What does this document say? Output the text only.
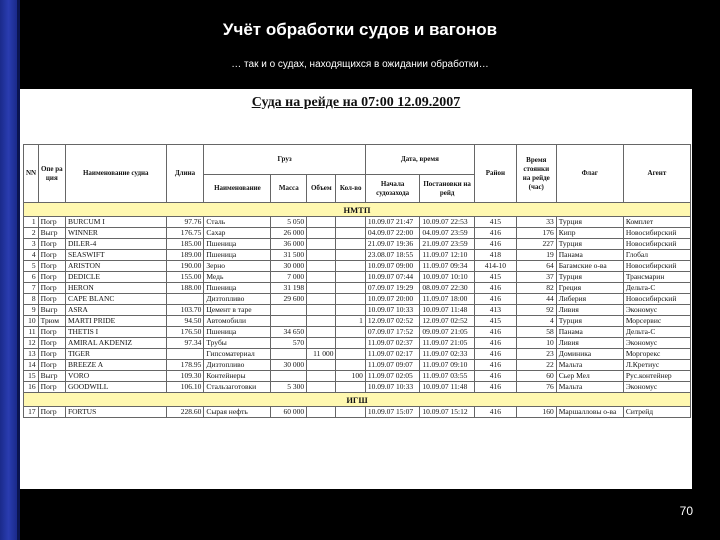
Учёт обработки судов и вагонов
… так и о судах, находящихся в ожидании обработки…
Суда на рейде на 07:00 12.09.2007
NN	Опе ра ция	Наименование судна	Длина	Груз				Дата, время		Район	Время стоянки на рейде (час)	Флаг	Агент
				Наименование	Масса	Объем	Кол-во	Начала судозахода	Постановки на рейд				
НМТП													
1	Погр	BURCUM I	97.76	Сталь	5 050			10.09.07 21:47	10.09.07 22:53	415	33	Турция	Комплет
2	Выгр	WINNER	176.75	Сахар	26 000			04.09.07 22:00	04.09.07 23:59	416	176	Кипр	Новосибирский
3	Погр	DILER-4	185.00	Пшеница	36 000			21.09.07 19:36	21.09.07 23:59	416	227	Турция	Новосибирский
4	Погр	SEASWIFT	189.00	Пшеница	31 500			23.08.07 18:55	11.09.07 12:10	418	19	Панама	Глобал
5	Погр	ARISTON	190.00	Зерно	30 000			10.09.07 09:00	11.09.07 09:34	414-10	64	Багамские о-ва	Новосибирский
6	Погр	DEDICLE	155.00	Медь	7 000			10.09.07 07:44	10.09.07 10:10	415	37	Турция	Трансмарин
7	Погр	HERON	188.00	Пшеница	31 198			07.09.07 19:29	08.09.07 22:30	416	82	Греция	Дельта-С
8	Погр	CAPE BLANC		Дизтопливо	29 600			10.09.07 20:00	11.09.07 18:00	416	44	Либерия	Новосибирский
9	Выгр	ASRA	103.70	Цемент в таре				10.09.07 10:33	10.09.07 11:48	413	92	Ливия	Экономус
10	Трюм	MARTI PRIDE	94.50	Автомобили			1	12.09.07 02:52	12.09.07 02:52	415	4	Турция	Морсервис
11	Погр	THETIS I	176.50	Пшеница	34 650			07.09.07 17:52	09.09.07 21:05	416	58	Панама	Дельта-С
12	Погр	AMIRAL AKDENIZ	97.34	Трубы	570			11.09.07 02:37	11.09.07 21:05	416	10	Ливия	Экономус
13	Погр	TIGER		Гипсоматериал		11 000		11.09.07 02:17	11.09.07 02:33	416	23	Доминика	Моргорекс
14	Погр	BREEZE A	178.95	Дизтопливо	30 000			11.09.07 09:07	11.09.07 09:10	416	22	Мальта	Л.Кретиус
15	Выгр	VORO	109.30	Контейнеры			100	11.09.07 02:05	11.09.07 03:55	416	60	Сьер Мел	Рус.контейнер
16	Погр	GOODWILL	106.10	Стальзаготовки	5 300			10.09.07 10:33	10.09.07 11:48	416	76	Мальта	Экономус
ИГШ													
17	Погр	FORTUS	228.60	Сырая нефть	60 000			10.09.07 15:07	10.09.07 15:12	416	160	Маршалловы о-ва	Ситрейд
70
